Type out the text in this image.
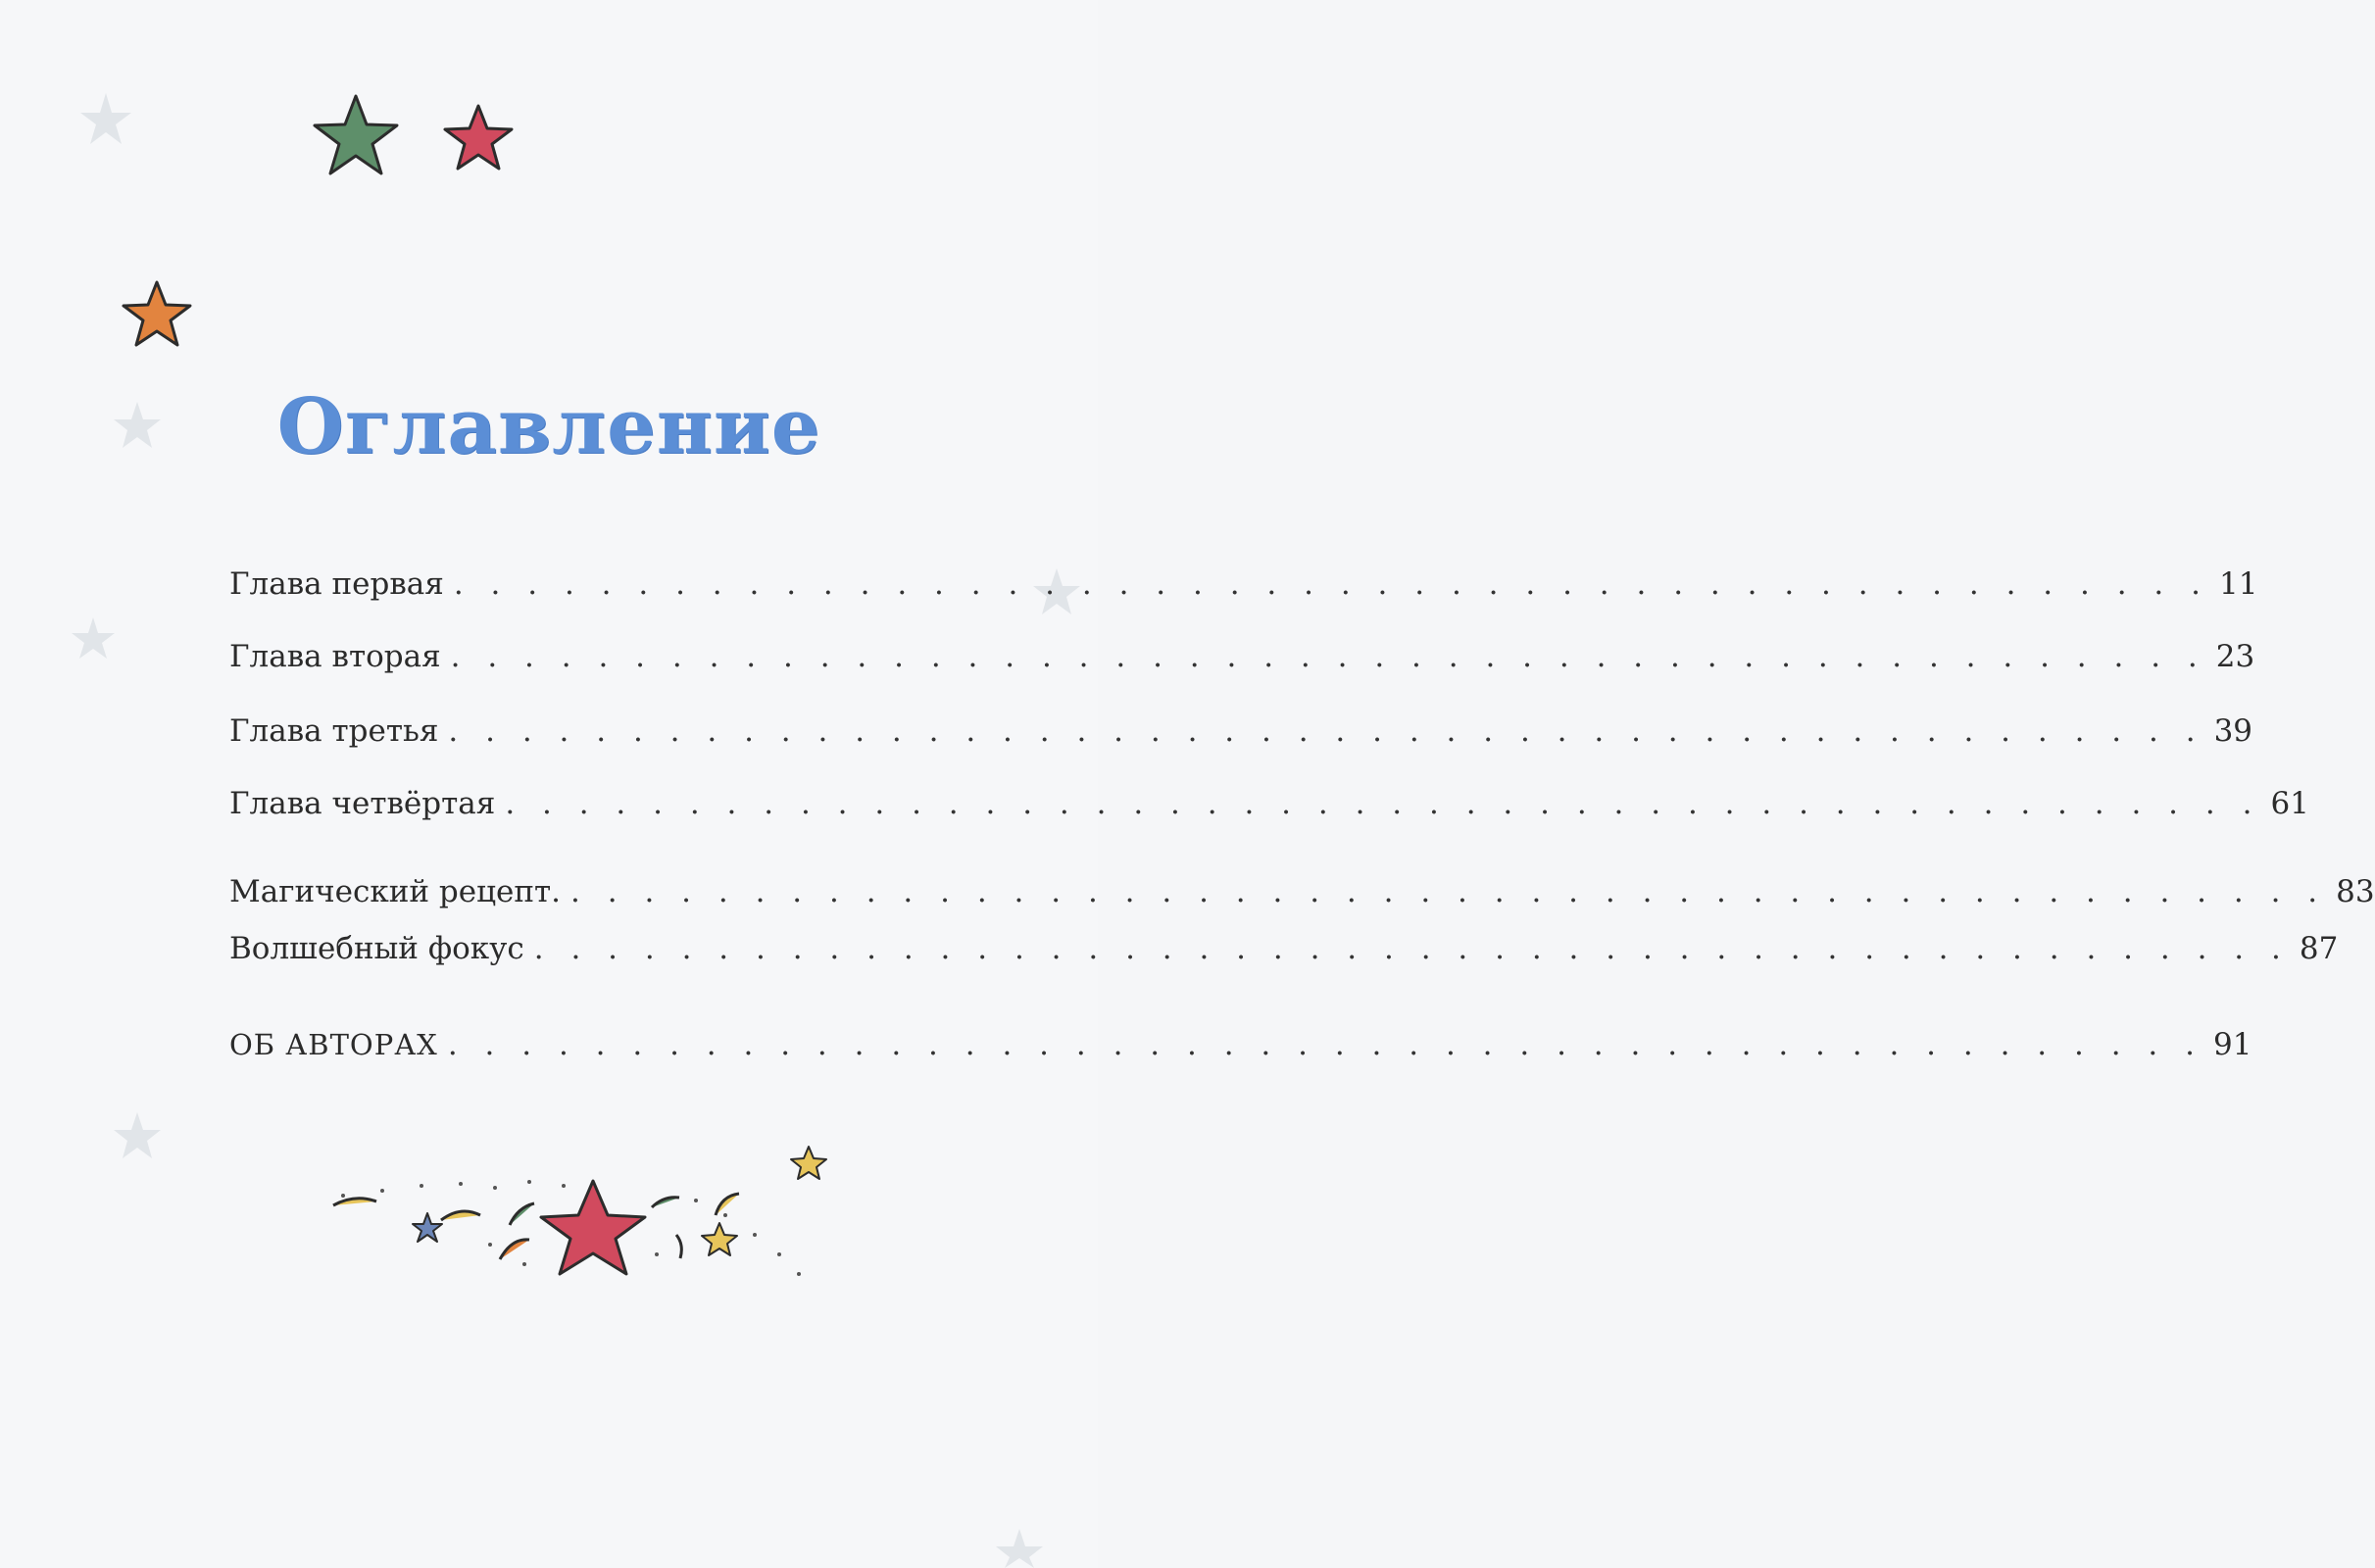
Оглавление
Глава первая . . . . . . . . . . . . . . . . . . . . . . . . . . . . . . . . . . . . . . . . . . . . . . . . 11
Глава вторая . . . . . . . . . . . . . . . . . . . . . . . . . . . . . . . . . . . . . . . . . . . . . . . . 23
Глава третья . . . . . . . . . . . . . . . . . . . . . . . . . . . . . . . . . . . . . . . . . . . . . . . . 39
Глава четвёртая . . . . . . . . . . . . . . . . . . . . . . . . . . . . . . . . . . . . . . . . . . . . . . . . 61
Магический рецепт. . . . . . . . . . . . . . . . . . . . . . . . . . . . . . . . . . . . . . . . . . . . . . . . . 83
Волшебный фокус . . . . . . . . . . . . . . . . . . . . . . . . . . . . . . . . . . . . . . . . . . . . . . . . 87
ОБ АВТОРАХ . . . . . . . . . . . . . . . . . . . . . . . . . . . . . . . . . . . . . . . . . . . . . . . . 91
